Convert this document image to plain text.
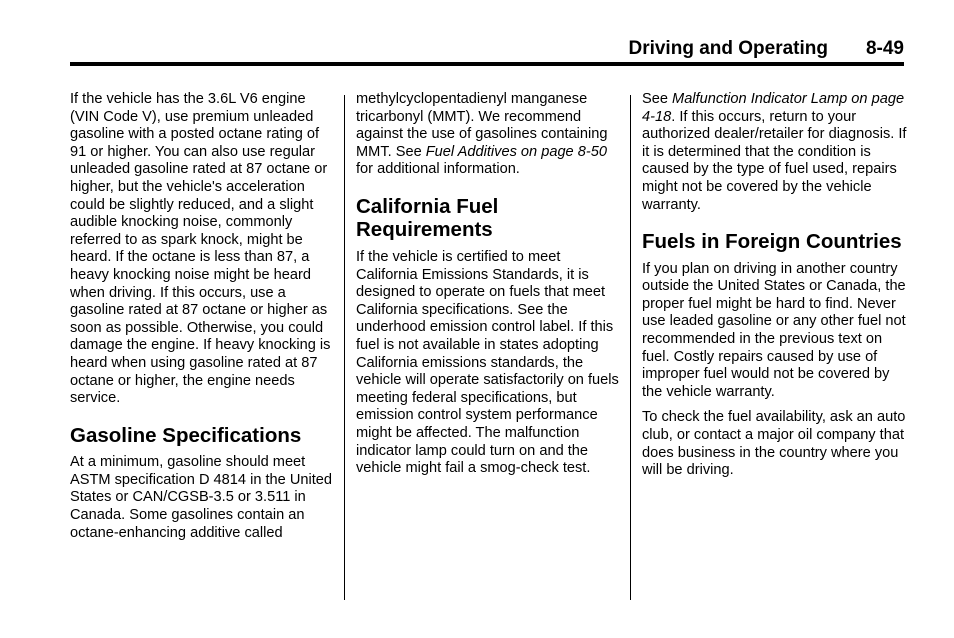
Driving and Operating 8-49

If the vehicle has the 3.6L V6 engine (VIN Code V), use premium unleaded gasoline with a posted octane rating of 91 or higher. You can also use regular unleaded gasoline rated at 87 octane or higher, but the vehicle's acceleration could be slightly reduced, and a slight audible knocking noise, commonly referred to as spark knock, might be heard. If the octane is less than 87, a heavy knocking noise might be heard when driving. If this occurs, use a gasoline rated at 87 octane or higher as soon as possible. Otherwise, you could damage the engine. If heavy knocking is heard when using gasoline rated at 87 octane or higher, the engine needs service.

Gasoline Specifications

At a minimum, gasoline should meet ASTM specification D 4814 in the United States or CAN/CGSB-3.5 or 3.511 in Canada. Some gasolines contain an octane-enhancing additive called

methylcyclopentadienyl manganese tricarbonyl (MMT). We recommend against the use of gasolines containing MMT. See Fuel Additives on page 8-50 for additional information.

California Fuel Requirements

If the vehicle is certified to meet California Emissions Standards, it is designed to operate on fuels that meet California specifications. See the underhood emission control label. If this fuel is not available in states adopting California emissions standards, the vehicle will operate satisfactorily on fuels meeting federal specifications, but emission control system performance might be affected. The malfunction indicator lamp could turn on and the vehicle might fail a smog-check test.

See Malfunction Indicator Lamp on page 4-18. If this occurs, return to your authorized dealer/retailer for diagnosis. If it is determined that the condition is caused by the type of fuel used, repairs might not be covered by the vehicle warranty.

Fuels in Foreign Countries

If you plan on driving in another country outside the United States or Canada, the proper fuel might be hard to find. Never use leaded gasoline or any other fuel not recommended in the previous text on fuel. Costly repairs caused by use of improper fuel would not be covered by the vehicle warranty.

To check the fuel availability, ask an auto club, or contact a major oil company that does business in the country where you will be driving.
